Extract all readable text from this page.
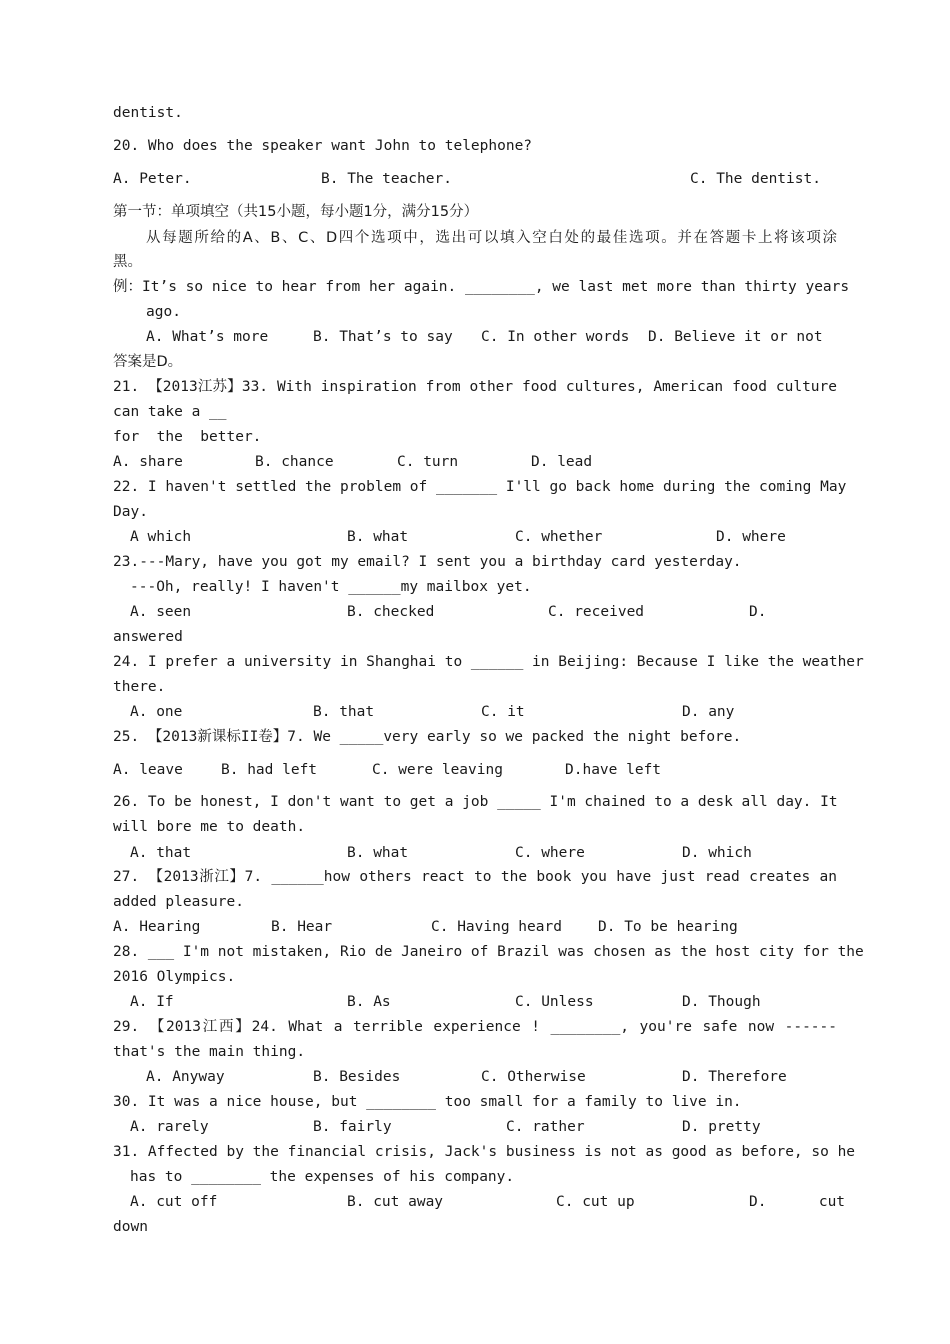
dentist.
20. Who does the speaker want John to telephone?

A. Peter.

	B. The teacher.

	C. The dentist.

第一节：单项填空（共15小题，每小题1分，满分15分）
从每题所给的A、B、C、D四个选项中，选出可以填入空白处的最佳选项。并在答题卡上将该项涂
黑。
例：It’s so nice to hear from her again. ________, we last met more than thirty years
ago.

A. What’s more

	B. That’s to say

C. In other words

D. Believe it or not

答案是D。
21. 【2013江苏】33. With inspiration from other food cultures, American food culture
can take a __
for  the  better.

A. share

	B. chance

	C. turn

	D. lead

22. I haven't settled the problem of _______ I'll go back home during the coming May
Day.

A which

	B. what

	C. whether

	D. where

23.---Mary, have you got my email? I sent you a birthday card yesterday.
---Oh, really! I haven't ______my mailbox yet.

A. seen

	B. checked

	C. received

	D.

answered
24. I prefer a university in Shanghai to ______ in Beijing: Because I like the weather
there.

A. one

	B. that

	C. it

	D. any

25. 【2013新课标II卷】7. We _____very early so we packed the night before.

A. leave

	B. had left

	C. were leaving

	D.have left

26. To be honest, I don't want to get a job _____ I'm chained to a desk all day. It
will bore me to death.

A. that

	B. what

	C. where

	D. which

27. 【2013浙江】7. ______how others react to the book you have just read creates an
added pleasure.

A. Hearing

	B. Hear

	C. Having heard

D. To be hearing

28. ___ I'm not mistaken, Rio de Janeiro of Brazil was chosen as the host city for the
2016 Olympics.

A. If

	B. As

	C. Unless

	D. Though

29. 【2013江西】24. What a terrible experience ! ________, you're safe now ------
that's the main thing.

A. Anyway

	B. Besides

	C. Otherwise

	D. Therefore

30. It was a nice house, but ________ too small for a family to live in.

A. rarely

	B. fairly

	C. rather

	D. pretty

31. Affected by the financial crisis, Jack's business is not as good as before, so he
has to ________ the expenses of his company.

A. cut off

	B. cut away

	C. cut up

	D.      cut

down
